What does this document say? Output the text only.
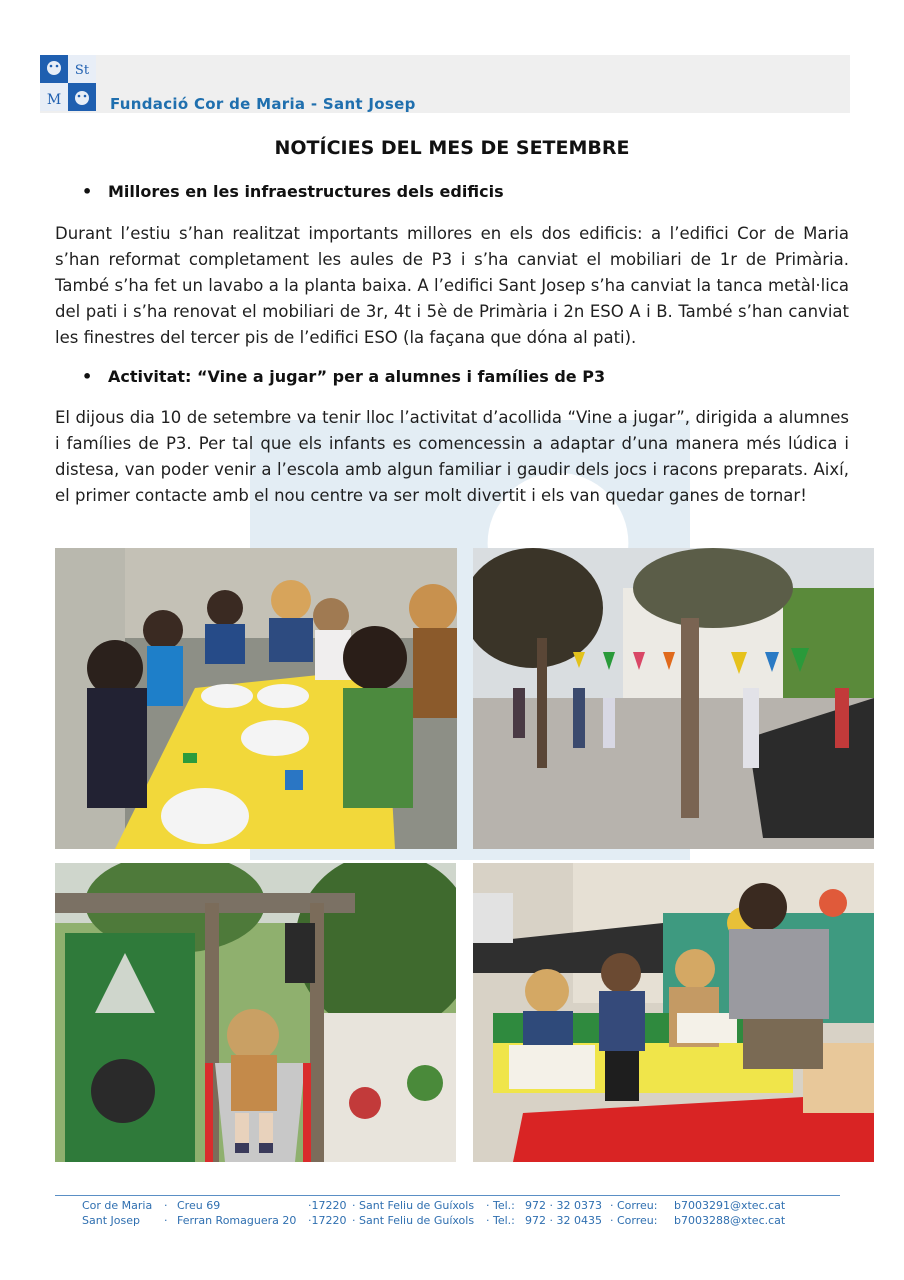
St
M	Fundació Cor de Maria - Sant Josep
NOTÍCIES DEL MES DE SETEMBRE
• Millores en les infraestructures dels edificis
Durant l’estiu s’han realitzat importants millores en els dos edificis: a l’edifici Cor de Maria s’han reformat completament les aules de P3 i s’ha canviat el mobiliari de 1r de Primària. També s’ha fet un lavabo a la planta baixa. A l’edifici Sant Josep s’ha canviat la tanca metàl·lica del pati i s’ha renovat el mobiliari de 3r, 4t i 5è de Primària i 2n ESO A i B. També s’han canviat les finestres del tercer pis de l’edifici ESO (la façana que dóna al pati).
• Activitat: “Vine a jugar” per a alumnes i famílies de P3
El dijous dia 10 de setembre va tenir lloc l’activitat d’acollida “Vine a jugar”, dirigida a alumnes i famílies de P3. Per tal que els infants es comencessin a adaptar d’una manera més lúdica i distesa, van poder venir a l’escola amb algun familiar i gaudir dels jocs i racons preparats. Així, el primer contacte amb el nou centre va ser molt divertit i els van quedar ganes de tornar!
Cor de Maria · Creu 69	·17220 · Sant Feliu de Guíxols · Tel.: 972 · 32 0373 · Correu: b7003291@xtec.cat
Sant Josep · Ferran Romaguera 20 ·17220 · Sant Feliu de Guíxols · Tel.: 972 · 32 0435 · Correu: b7003288@xtec.cat
